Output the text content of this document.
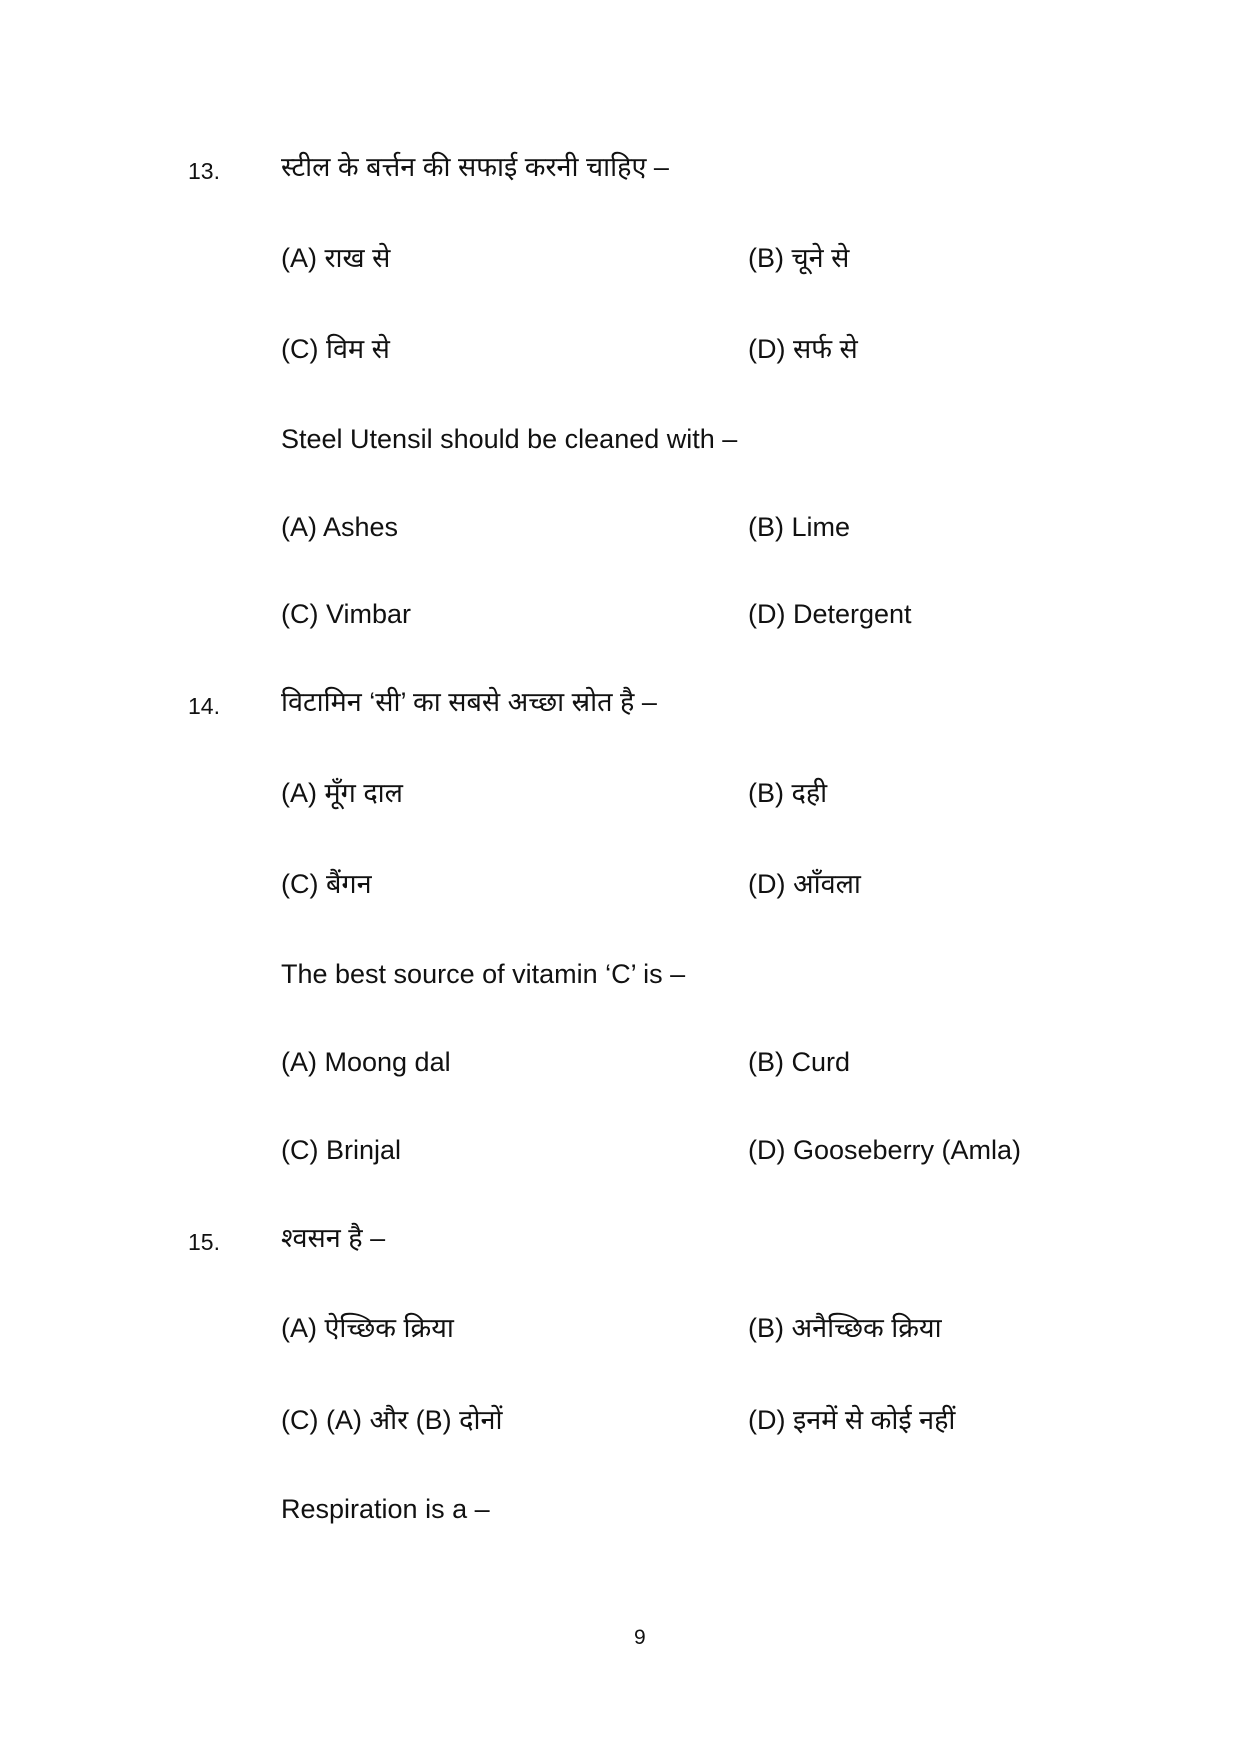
13. स्टील के बर्त्तन की सफाई करनी चाहिए –
(A) राख से	(B) चूने से
(C) विम से	(D) सर्फ से
Steel Utensil should be cleaned with –
(A) Ashes	(B) Lime
(C) Vimbar	(D) Detergent
14. विटामिन ‘सी’ का सबसे अच्छा स्रोत है –
(A) मूँग दाल	(B) दही
(C) बैंगन	(D) आँवला
The best source of vitamin ‘C’ is –
(A) Moong dal	(B) Curd
(C) Brinjal	(D) Gooseberry (Amla)
15. श्वसन है –
(A) ऐच्छिक क्रिया	(B) अनैच्छिक क्रिया
(C) (A) और (B) दोनों	(D) इनमें से कोई नहीं
Respiration is a –
9
